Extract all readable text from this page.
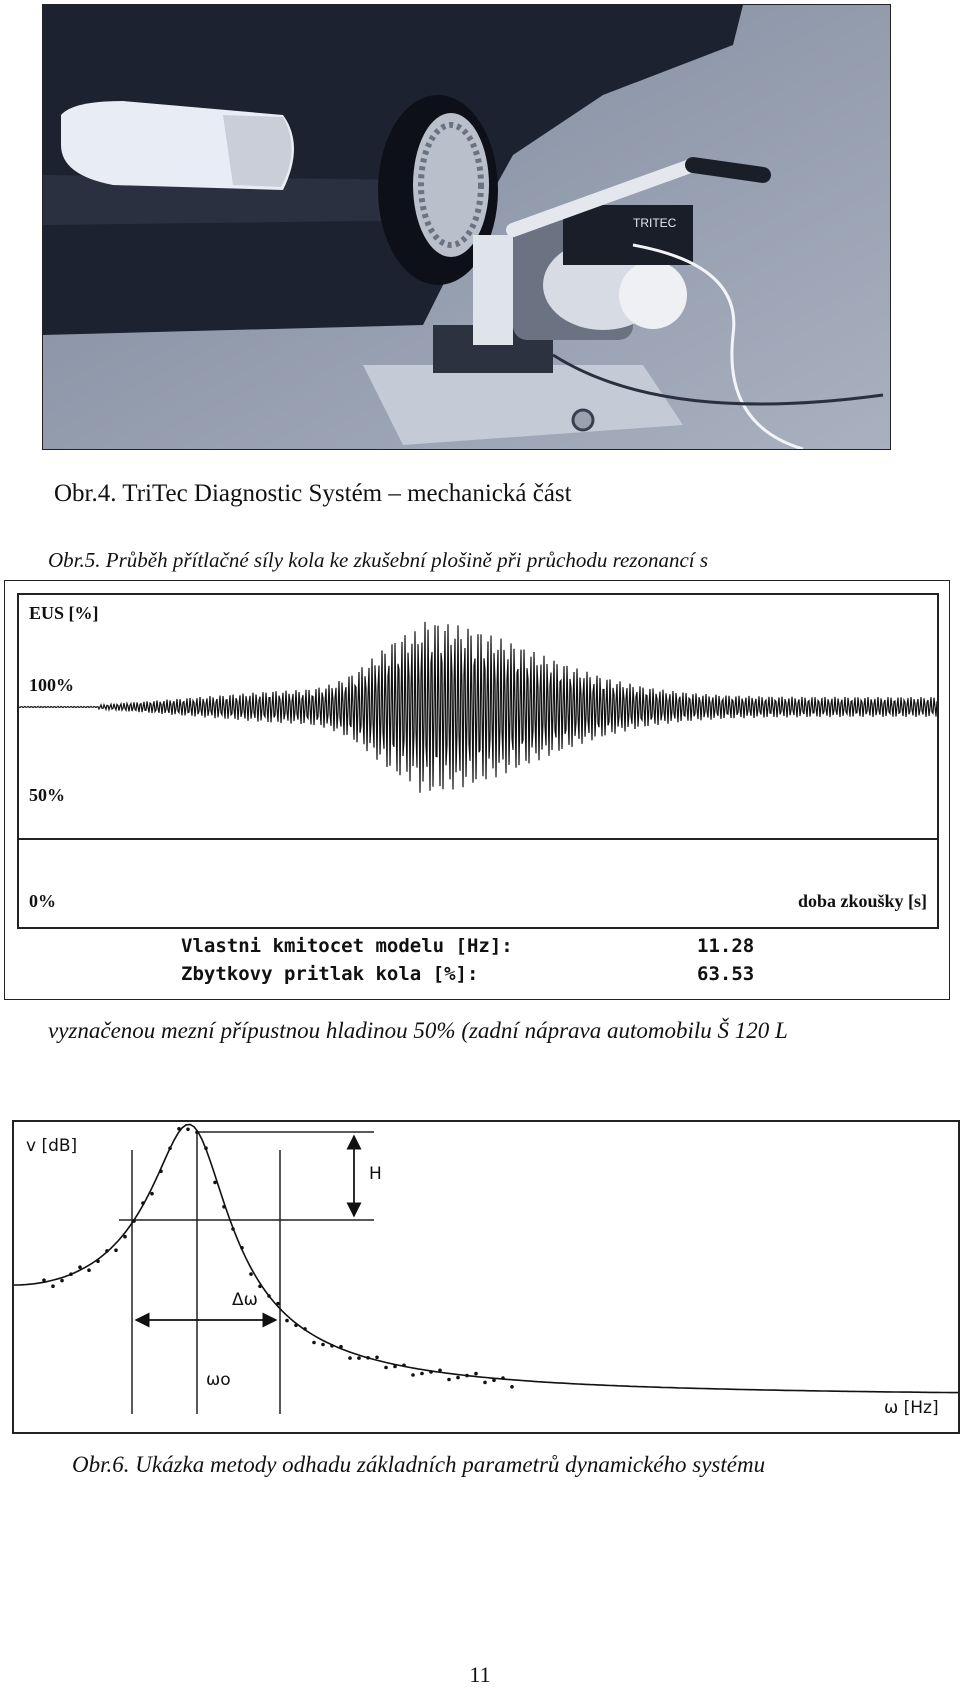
TRITEC

Obr.4. TriTec Diagnostic Systém – mechanická část

Obr.5. Průběh přítlačné síly kola ke zkušební plošině při průchodu rezonancí s

EUS [%]
100%
50%
0%	doba zkoušky [s]
Vlastni kmitocet modelu [Hz]:	11.28
Zbytkovy pritlak kola [%]:	63.53

vyznačenou mezní přípustnou hladinou 50% (zadní náprava automobilu Š 120 L

v [dB]
H
Δω
ωo
ω [Hz]

Obr.6. Ukázka metody odhadu základních parametrů dynamického systému

11
